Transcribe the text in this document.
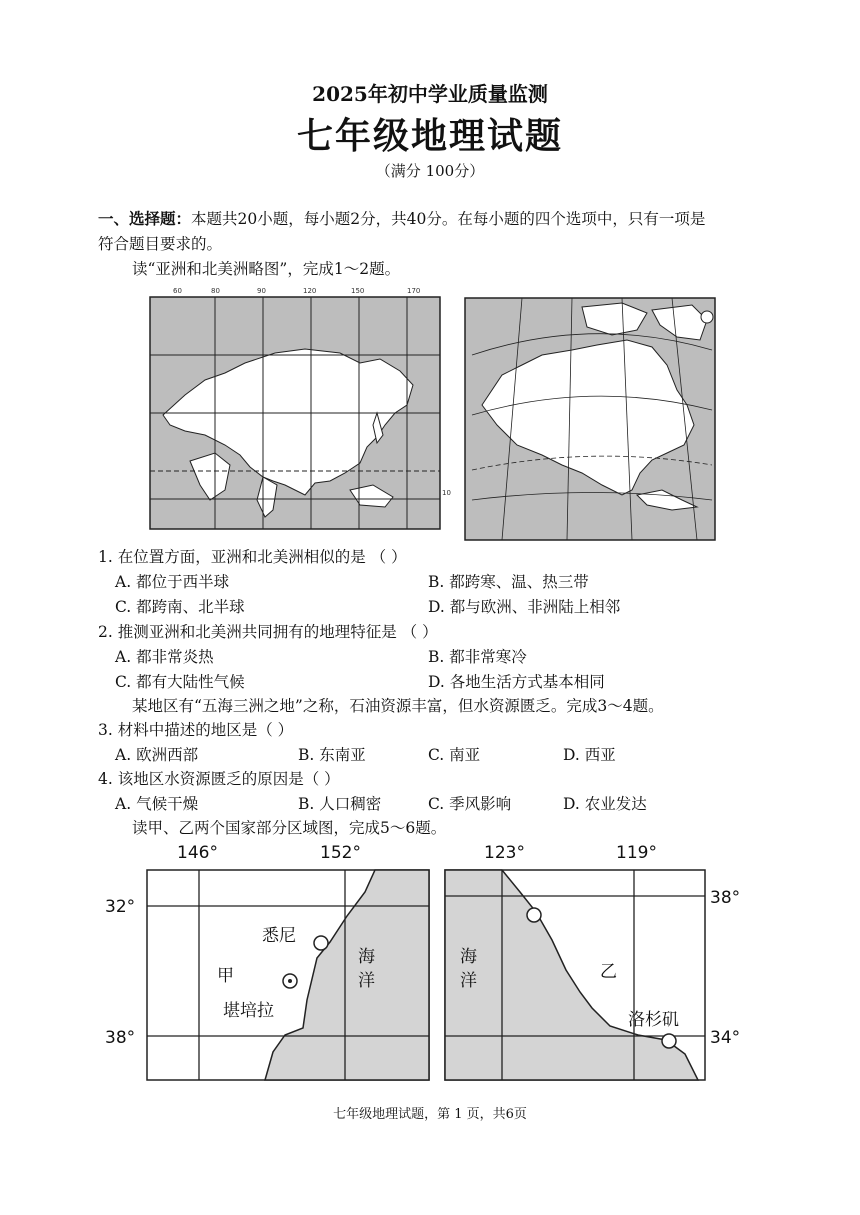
2025年初中学业质量监测
七年级地理试题
（满分 100分）
一、选择题：本题共20小题，每小题2分，共40分。在每小题的四个选项中，只有一项是
符合题目要求的。
读“亚洲和北美洲略图”，完成1～2题。
60	80	90	120	150	170
10
1. 在位置方面，亚洲和北美洲相似的是 （ ）
A. 都位于西半球	B. 都跨寒、温、热三带
C. 都跨南、北半球	D. 都与欧洲、非洲陆上相邻
2. 推测亚洲和北美洲共同拥有的地理特征是 （ ）
A. 都非常炎热	B. 都非常寒冷
C. 都有大陆性气候	D. 各地生活方式基本相同
某地区有“五海三洲之地”之称，石油资源丰富，但水资源匮乏。完成3～4题。
3. 材料中描述的地区是（ ）
A. 欧洲西部	B. 东南亚	C. 南亚	D. 西亚
4. 该地区水资源匮乏的原因是（ ）
A. 气候干燥	B. 人口稠密	C. 季风影响	D. 农业发达
读甲、乙两个国家部分区域图，完成5～6题。
146°	152°
32°
38°
悉尼
甲
堪培拉
海
洋
123°	119°
38°
34°
海
洋	乙
洛杉矶
七年级地理试题，第 1 页，共6页
